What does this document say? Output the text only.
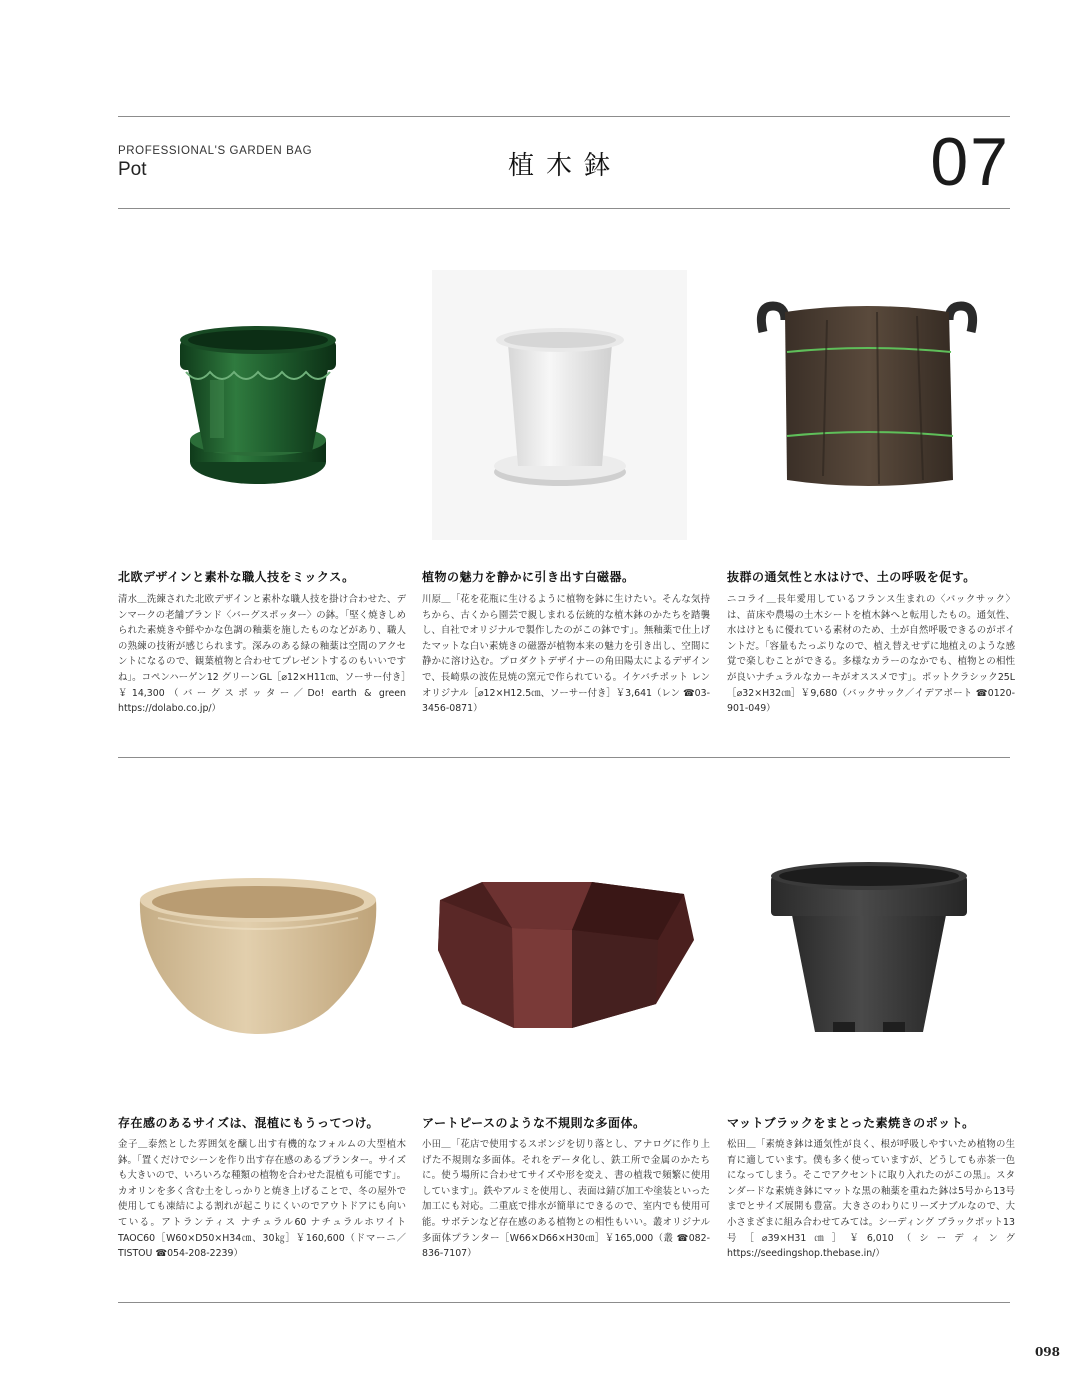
PROFESSIONAL'S GARDEN BAG
Pot	植木鉢	07
北欧デザインと素朴な職人技をミックス。
清水＿洗練された北欧デザインと素朴な職人技を掛け合わせた、デンマークの老舗ブランド〈バーグスポッター〉の鉢。「堅く焼きしめられた素焼きや鮮やかな色調の釉薬を施したものなどがあり、職人の熟練の技術が感じられます。深みのある緑の釉薬は空間のアクセントになるので、観葉植物と合わせてプレゼントするのもいいですね」。コペンハーゲン12 グリーンGL［⌀12×H11㎝、ソーサー付き］￥14,300（バーグスポッター／Do! earth & green https://dolabo.co.jp/）
植物の魅力を静かに引き出す白磁器。
川原＿「花を花瓶に生けるように植物を鉢に生けたい。そんな気持ちから、古くから園芸で親しまれる伝統的な植木鉢のかたちを踏襲し、自社でオリジナルで製作したのがこの鉢です」。無釉薬で仕上げたマットな白い素焼きの磁器が植物本来の魅力を引き出し、空間に静かに溶け込む。プロダクトデザイナーの角田陽太によるデザインで、長崎県の波佐見焼の窯元で作られている。イケバチポット レンオリジナル［⌀12×H12.5㎝、ソーサー付き］￥3,641（レン ☎03-3456-0871）
抜群の通気性と水はけで、土の呼吸を促す。
ニコライ＿長年愛用しているフランス生まれの〈バックサック〉は、苗床や農場の土木シートを植木鉢へと転用したもの。通気性、水はけともに優れている素材のため、土が自然呼吸できるのがポイントだ。「容量もたっぷりなので、植え替えせずに地植えのような感覚で楽しむことができる。多様なカラーのなかでも、植物との相性が良いナチュラルなカーキがオススメです」。ポットクラシック25L［⌀32×H32㎝］￥9,680（バックサック／イデアポート ☎0120-901-049）
存在感のあるサイズは、混植にもうってつけ。
金子＿泰然とした雰囲気を醸し出す有機的なフォルムの大型植木鉢。「置くだけでシーンを作り出す存在感のあるプランター。サイズも大きいので、いろいろな種類の植物を合わせた混植も可能です」。カオリンを多く含む土をしっかりと焼き上げることで、冬の屋外で使用しても凍結による割れが起こりにくいのでアウトドアにも向いている。アトランティス ナチュラル60 ナチュラルホワイト TAOC60［W60×D50×H34㎝、30㎏］￥160,600（ドマーニ／TISTOU ☎054-208-2239）
アートピースのような不規則な多面体。
小田＿「花店で使用するスポンジを切り落とし、アナログに作り上げた不規則な多面体。それをデータ化し、鉄工所で金属のかたちに。使う場所に合わせてサイズや形を変え、書の植栽で頻繁に使用しています」。鉄やアルミを使用し、表面は錆び加工や塗装といった加工にも対応。二重底で排水が簡単にできるので、室内でも使用可能。サボテンなど存在感のある植物との相性もいい。叢オリジナル 多面体プランター［W66×D66×H30㎝］￥165,000（叢 ☎082-836-7107）
マットブラックをまとった素焼きのポット。
松田＿「素焼き鉢は通気性が良く、根が呼吸しやすいため植物の生育に適しています。僕も多く使っていますが、どうしても赤茶一色になってしまう。そこでアクセントに取り入れたのがこの黒」。スタンダードな素焼き鉢にマットな黒の釉薬を重ねた鉢は5号から13号までとサイズ展開も豊富。大きさのわりにリーズナブルなので、大小さまざまに組み合わせてみては。シーディング ブラックポット13号［⌀39×H31㎝］￥6,010（シーディング https://seedingshop.thebase.in/）
098
